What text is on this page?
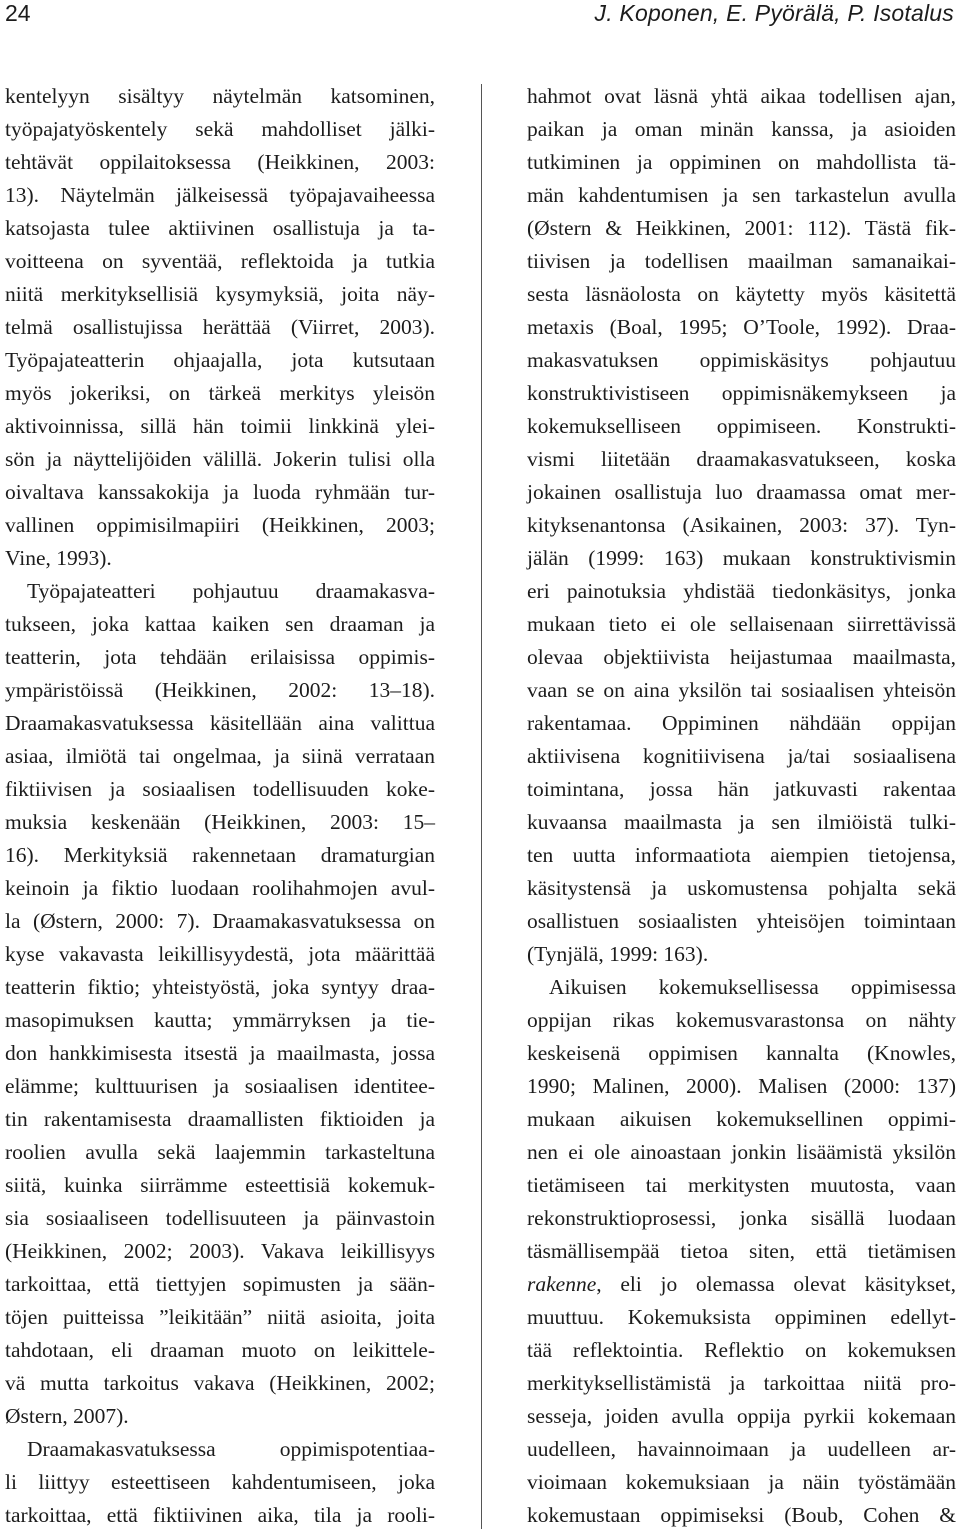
24	J. Koponen, E. Pyörälä, P. Isotalus
kentelyyn sisältyy näytelmän katsominen,
työpajatyöskentely sekä mahdolliset jälki-
tehtävät oppilaitoksessa (Heikkinen, 2003:
13). Näytelmän jälkeisessä työpajavaiheessa
katsojasta tulee aktiivinen osallistuja ja ta-
voitteena on syventää, reflektoida ja tutkia
niitä merkityksellisiä kysymyksiä, joita näy-
telmä osallistujissa herättää (Viirret, 2003).
Työpajateatterin ohjaajalla, jota kutsutaan
myös jokeriksi, on tärkeä merkitys yleisön
aktivoinnissa, sillä hän toimii linkkinä ylei-
sön ja näyttelijöiden välillä. Jokerin tulisi olla
oivaltava kanssakokija ja luoda ryhmään tur-
vallinen oppimisilmapiiri (Heikkinen, 2003;
Vine, 1993).
Työpajateatteri pohjautuu draamakasva-
tukseen, joka kattaa kaiken sen draaman ja
teatterin, jota tehdään erilaisissa oppimis-
ympäristöissä (Heikkinen, 2002: 13–18).
Draamakasvatuksessa käsitellään aina valittua
asiaa, ilmiötä tai ongelmaa, ja siinä verrataan
fiktiivisen ja sosiaalisen todellisuuden koke-
muksia keskenään (Heikkinen, 2003: 15–
16). Merkityksiä rakennetaan dramaturgian
keinoin ja fiktio luodaan roolihahmojen avul-
la (Østern, 2000: 7). Draamakasvatuksessa on
kyse vakavasta leikillisyydestä, jota määrittää
teatterin fiktio; yhteistyöstä, joka syntyy draa-
masopimuksen kautta; ymmärryksen ja tie-
don hankkimisesta itsestä ja maailmasta, jossa
elämme; kulttuurisen ja sosiaalisen identitee-
tin rakentamisesta draamallisten fiktioiden ja
roolien avulla sekä laajemmin tarkasteltuna
siitä, kuinka siirrämme esteettisiä kokemuk-
sia sosiaaliseen todellisuuteen ja päinvastoin
(Heikkinen, 2002; 2003). Vakava leikillisyys
tarkoittaa, että tiettyjen sopimusten ja sään-
töjen puitteissa ”leikitään” niitä asioita, joita
tahdotaan, eli draaman muoto on leikittele-
vä mutta tarkoitus vakava (Heikkinen, 2002;
Østern, 2007).
Draamakasvatuksessa oppimispotentiaa-
li liittyy esteettiseen kahdentumiseen, joka
tarkoittaa, että fiktiivinen aika, tila ja rooli-
hahmot ovat läsnä yhtä aikaa todellisen ajan,
paikan ja oman minän kanssa, ja asioiden
tutkiminen ja oppiminen on mahdollista tä-
män kahdentumisen ja sen tarkastelun avulla
(Østern & Heikkinen, 2001: 112). Tästä fik-
tiivisen ja todellisen maailman samanaikai-
sesta läsnäolosta on käytetty myös käsitettä
metaxis (Boal, 1995; O’Toole, 1992). Draa-
makasvatuksen oppimiskäsitys pohjautuu
konstruktivistiseen oppimisnäkemykseen ja
kokemukselliseen oppimiseen. Konstrukti-
vismi liitetään draamakasvatukseen, koska
jokainen osallistuja luo draamassa omat mer-
kityksenantonsa (Asikainen, 2003: 37). Tyn-
jälän (1999: 163) mukaan konstruktivismin
eri painotuksia yhdistää tiedonkäsitys, jonka
mukaan tieto ei ole sellaisenaan siirrettävissä
olevaa objektiivista heijastumaa maailmasta,
vaan se on aina yksilön tai sosiaalisen yhteisön
rakentamaa. Oppiminen nähdään oppijan
aktiivisena kognitiivisena ja/tai sosiaalisena
toimintana, jossa hän jatkuvasti rakentaa
kuvaansa maailmasta ja sen ilmiöistä tulki-
ten uutta informaatiota aiempien tietojensa,
käsitystensä ja uskomustensa pohjalta sekä
osallistuen sosiaalisten yhteisöjen toimintaan
(Tynjälä, 1999: 163).
Aikuisen kokemuksellisessa oppimisessa
oppijan rikas kokemusvarastonsa on nähty
keskeisenä oppimisen kannalta (Knowles,
1990; Malinen, 2000). Malisen (2000: 137)
mukaan aikuisen kokemuksellinen oppimi-
nen ei ole ainoastaan jonkin lisäämistä yksilön
tietämiseen tai merkitysten muutosta, vaan
rekonstruktioprosessi, jonka sisällä luodaan
täsmällisempää tietoa siten, että tietämisen
rakenne, eli jo olemassa olevat käsitykset,
muuttuu. Kokemuksista oppiminen edellyt-
tää reflektointia. Reflektio on kokemuksen
merkityksellistämistä ja tarkoittaa niitä pro-
sesseja, joiden avulla oppija pyrkii kokemaan
uudelleen, havainnoimaan ja uudelleen ar-
vioimaan kokemuksiaan ja näin työstämään
kokemustaan oppimiseksi (Boub, Cohen &
